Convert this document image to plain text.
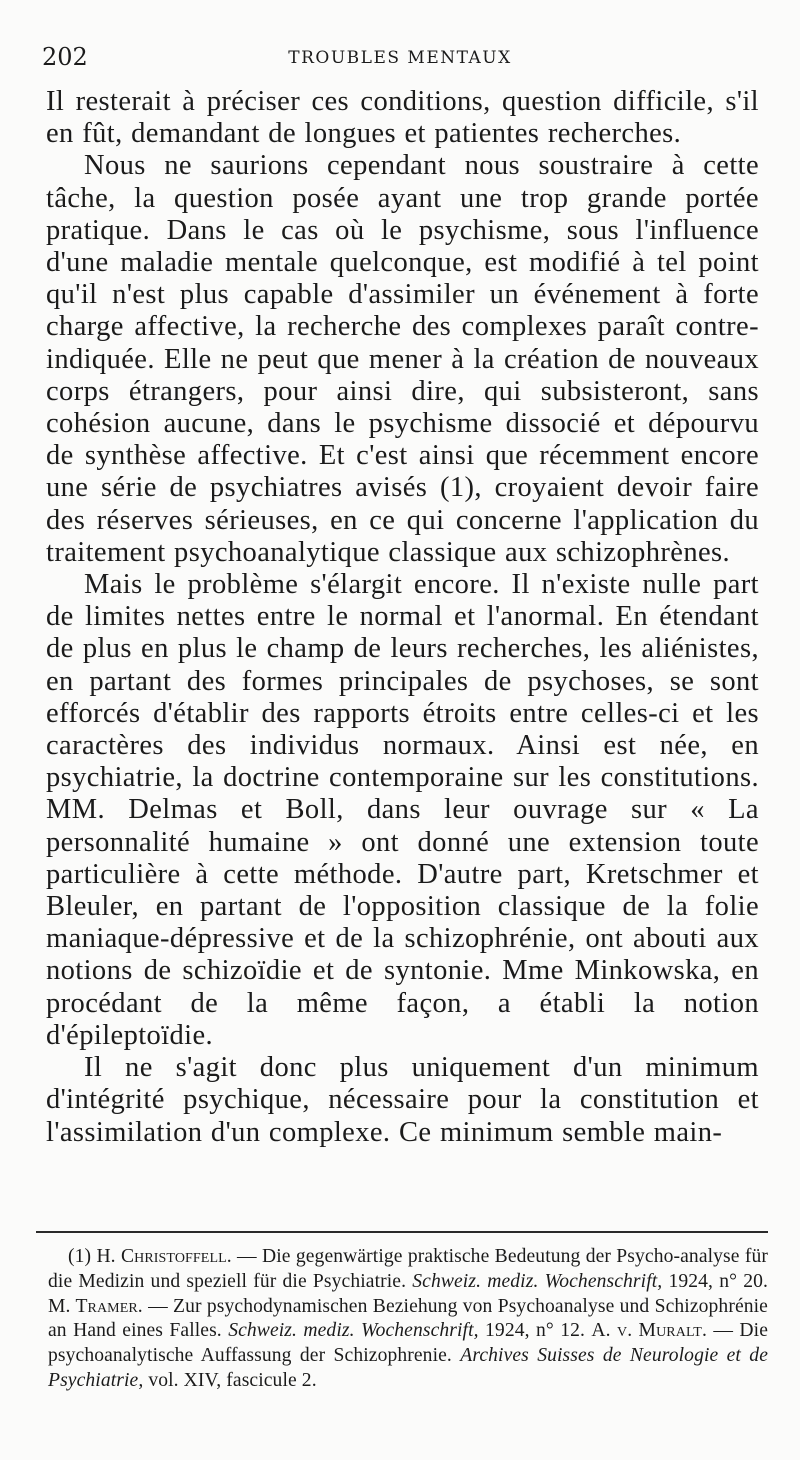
202	TROUBLES MENTAUX

Il resterait à préciser ces conditions, question difficile, s'il en fût, demandant de longues et patientes recherches.

Nous ne saurions cependant nous soustraire à cette tâche, la question posée ayant une trop grande portée pratique. Dans le cas où le psychisme, sous l'influence d'une maladie mentale quelconque, est modifié à tel point qu'il n'est plus capable d'assimiler un événement à forte charge affective, la recherche des complexes paraît contre-indiquée. Elle ne peut que mener à la création de nouveaux corps étrangers, pour ainsi dire, qui subsisteront, sans cohésion aucune, dans le psychisme dissocié et dépourvu de synthèse affective. Et c'est ainsi que récemment encore une série de psychiatres avisés (1), croyaient devoir faire des réserves sérieuses, en ce qui concerne l'application du traitement psychoanalytique classique aux schizophrènes.

Mais le problème s'élargit encore. Il n'existe nulle part de limites nettes entre le normal et l'anormal. En étendant de plus en plus le champ de leurs recherches, les aliénistes, en partant des formes principales de psychoses, se sont efforcés d'établir des rapports étroits entre celles-ci et les caractères des individus normaux. Ainsi est née, en psychiatrie, la doctrine contemporaine sur les constitutions. MM. Delmas et Boll, dans leur ouvrage sur « La personnalité humaine » ont donné une extension toute particulière à cette méthode. D'autre part, Kretschmer et Bleuler, en partant de l'opposition classique de la folie maniaque-dépressive et de la schizophrénie, ont abouti aux notions de schizoïdie et de syntonie. Mme Minkowska, en procédant de la même façon, a établi la notion d'épileptoïdie.

Il ne s'agit donc plus uniquement d'un minimum d'intégrité psychique, nécessaire pour la constitution et l'assimilation d'un complexe. Ce minimum semble main-

(1) H. Christoffell. — Die gegenwärtige praktische Bedeutung der Psycho-analyse für die Medizin und speziell für die Psychiatrie. Schweiz. mediz. Wochenschrift, 1924, n° 20. M. Tramer. — Zur psychodynamischen Beziehung von Psychoanalyse und Schizophrénie an Hand eines Falles. Schweiz. mediz. Wochenschrift, 1924, n° 12. A. v. Muralt. — Die psychoanalytische Auffassung der Schizophrenie. Archives Suisses de Neurologie et de Psychiatrie, vol. XIV, fascicule 2.
